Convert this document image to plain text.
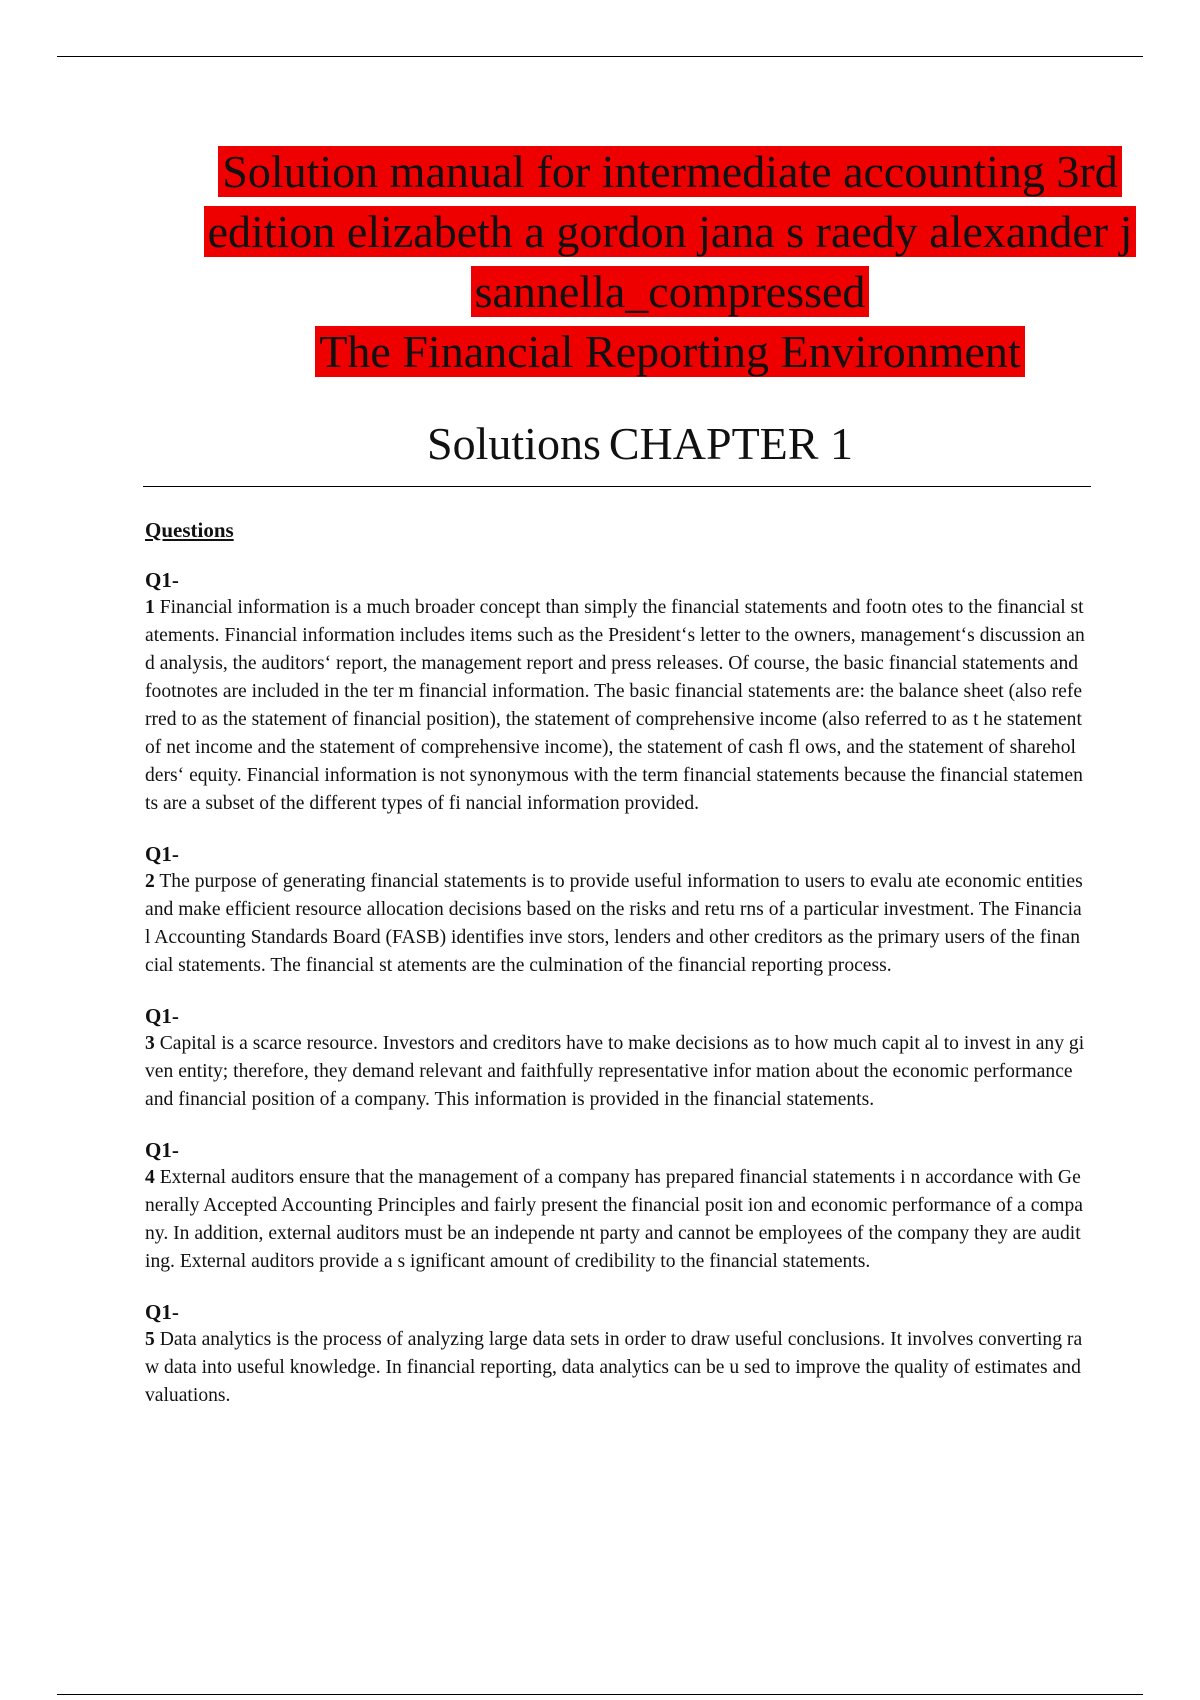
Solution manual for intermediate accounting 3rd
edition elizabeth a gordon jana s raedy alexander j
sannella_compressed
The Financial Reporting Environment
Solutions CHAPTER 1
Questions
Q1-
1 Financial information is a much broader concept than simply the financial statements and footn otes to the financial statements. Financial information includes items such as the President‘s letter to the owners, management‘s discussion and analysis, the auditors‘ report, the management report and press releases. Of course, the basic financial statements and footnotes are included in the ter m financial information. The basic financial statements are: the balance sheet (also referred to as the statement of financial position), the statement of comprehensive income (also referred to as t he statement of net income and the statement of comprehensive income), the statement of cash fl ows, and the statement of shareholders‘ equity. Financial information is not synonymous with the term financial statements because the financial statements are a subset of the different types of fi nancial information provided.
Q1-
2 The purpose of generating financial statements is to provide useful information to users to evalu ate economic entities and make efficient resource allocation decisions based on the risks and retu rns of a particular investment. The Financial Accounting Standards Board (FASB) identifies inve stors, lenders and other creditors as the primary users of the financial statements. The financial st atements are the culmination of the financial reporting process.
Q1-
3 Capital is a scarce resource. Investors and creditors have to make decisions as to how much capit al to invest in any given entity; therefore, they demand relevant and faithfully representative infor mation about the economic performance and financial position of a company. This information is provided in the financial statements.
Q1-
4 External auditors ensure that the management of a company has prepared financial statements i n accordance with Generally Accepted Accounting Principles and fairly present the financial posit ion and economic performance of a company. In addition, external auditors must be an independe nt party and cannot be employees of the company they are auditing. External auditors provide a s ignificant amount of credibility to the financial statements.
Q1-
5 Data analytics is the process of analyzing large data sets in order to draw useful conclusions. It involves converting raw data into useful knowledge. In financial reporting, data analytics can be u sed to improve the quality of estimates and valuations.
